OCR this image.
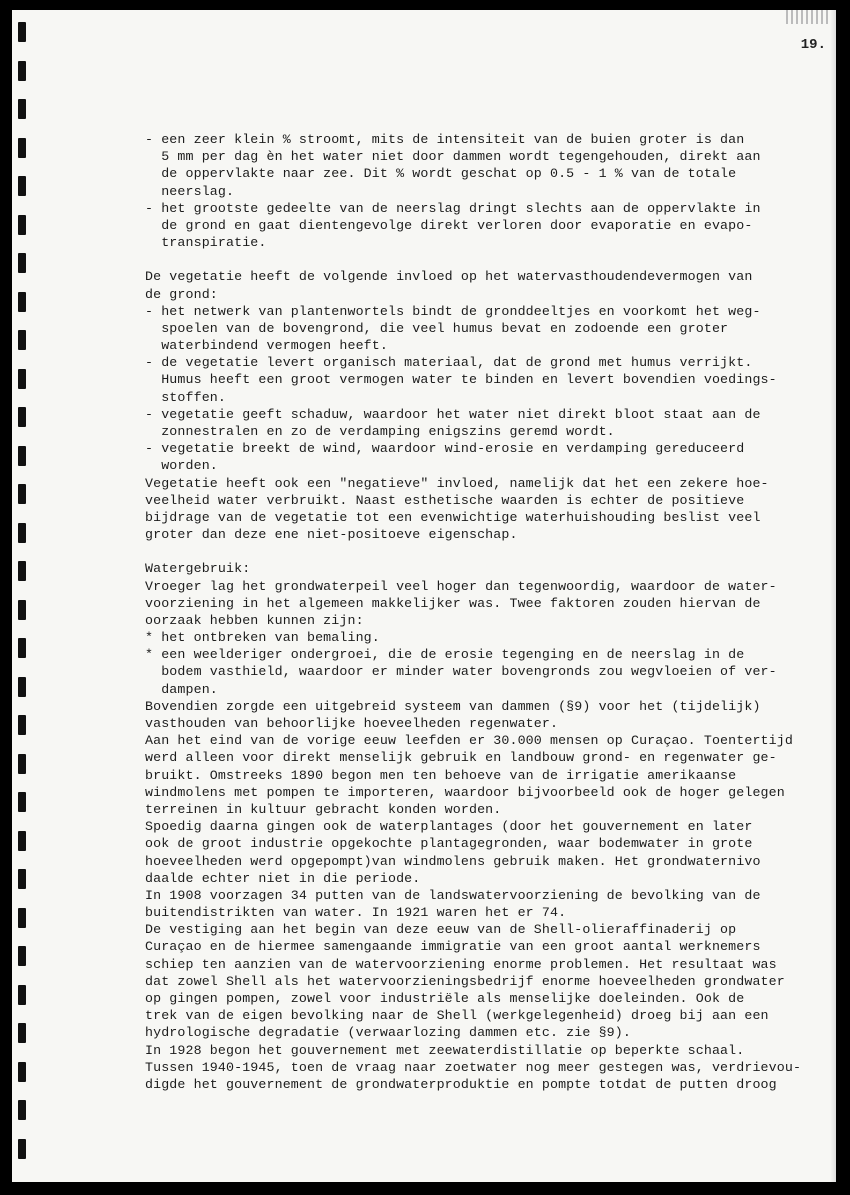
19.
- een zeer klein % stroomt, mits de intensiteit van de buien groter is dan
5 mm per dag èn het water niet door dammen wordt tegengehouden, direkt aan
de oppervlakte naar zee. Dit % wordt geschat op 0.5 - 1 % van de totale
neerslag.
- het grootste gedeelte van de neerslag dringt slechts aan de oppervlakte in
de grond en gaat dientengevolge direkt verloren door evaporatie en evapo-
transpiratie.
De vegetatie heeft de volgende invloed op het watervasthoudendevermogen van
de grond:
- het netwerk van plantenwortels bindt de gronddeeltjes en voorkomt het weg-
spoelen van de bovengrond, die veel humus bevat en zodoende een groter
waterbindend vermogen heeft.
- de vegetatie levert organisch materiaal, dat de grond met humus verrijkt.
Humus heeft een groot vermogen water te binden en levert bovendien voedings-
stoffen.
- vegetatie geeft schaduw, waardoor het water niet direkt bloot staat aan de
zonnestralen en zo de verdamping enigszins geremd wordt.
- vegetatie breekt de wind, waardoor wind-erosie en verdamping gereduceerd
worden.
Vegetatie heeft ook een "negatieve" invloed, namelijk dat het een zekere hoe-
veelheid water verbruikt. Naast esthetische waarden is echter de positieve
bijdrage van de vegetatie tot een evenwichtige waterhuishouding beslist veel
groter dan deze ene niet-positoeve eigenschap.
Watergebruik:
Vroeger lag het grondwaterpeil veel hoger dan tegenwoordig, waardoor de water-
voorziening in het algemeen makkelijker was. Twee faktoren zouden hiervan de
oorzaak hebben kunnen zijn:
* het ontbreken van bemaling.
* een weelderiger ondergroei, die de erosie tegenging en de neerslag in de
bodem vasthield, waardoor er minder water bovengronds zou wegvloeien of ver-
dampen.
Bovendien zorgde een uitgebreid systeem van dammen (§9) voor het (tijdelijk)
vasthouden van behoorlijke hoeveelheden regenwater.
Aan het eind van de vorige eeuw leefden er 30.000 mensen op Curaçao. Toentertijd
werd alleen voor direkt menselijk gebruik en landbouw grond- en regenwater ge-
bruikt. Omstreeks 1890 begon men ten behoeve van de irrigatie amerikaanse
windmolens met pompen te importeren, waardoor bijvoorbeeld ook de hoger gelegen
terreinen in kultuur gebracht konden worden.
Spoedig daarna gingen ook de waterplantages (door het gouvernement en later
ook de groot industrie opgekochte plantagegronden, waar bodemwater in grote
hoeveelheden werd opgepompt)van windmolens gebruik maken. Het grondwaternivo
daalde echter niet in die periode.
In 1908 voorzagen 34 putten van de landswatervoorziening de bevolking van de
buitendistrikten van water. In 1921 waren het er 74.
De vestiging aan het begin van deze eeuw van de Shell-olieraffinaderij op
Curaçao en de hiermee samengaande immigratie van een groot aantal werknemers
schiep ten aanzien van de watervoorziening enorme problemen. Het resultaat was
dat zowel Shell als het watervoorzieningsbedrijf enorme hoeveelheden grondwater
op gingen pompen, zowel voor industriële als menselijke doeleinden. Ook de
trek van de eigen bevolking naar de Shell (werkgelegenheid) droeg bij aan een
hydrologische degradatie (verwaarlozing dammen etc. zie §9).
In 1928 begon het gouvernement met zeewaterdistillatie op beperkte schaal.
Tussen 1940-1945, toen de vraag naar zoetwater nog meer gestegen was, verdrievou-
digde het gouvernement de grondwaterproduktie en pompte totdat de putten droog
